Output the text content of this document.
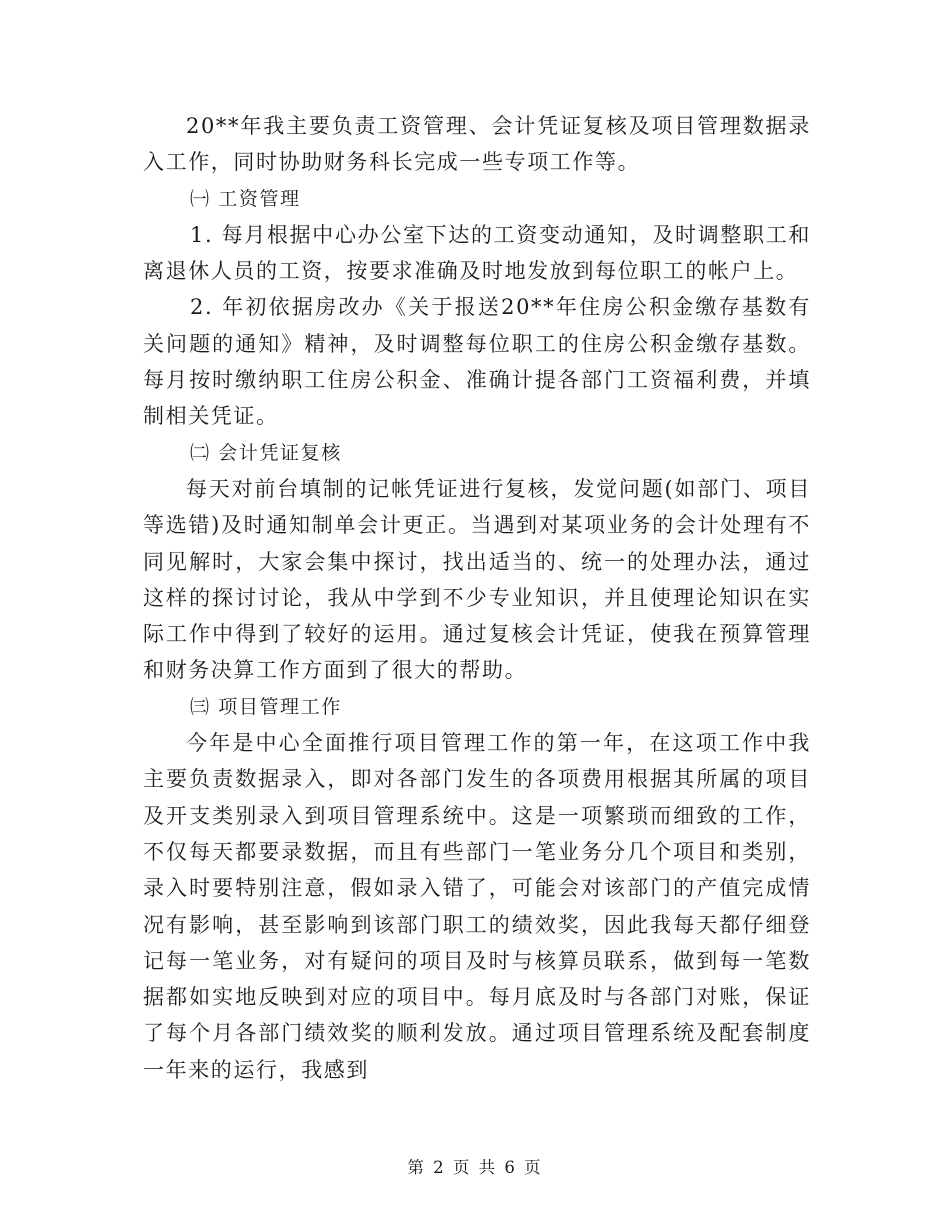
20**年我主要负责工资管理、会计凭证复核及项目管理数据录入工作，同时协助财务科长完成一些专项工作等。

㈠ 工资管理

1. 每月根据中心办公室下达的工资变动通知，及时调整职工和离退休人员的工资，按要求准确及时地发放到每位职工的帐户上。

2. 年初依据房改办《关于报送20**年住房公积金缴存基数有关问题的通知》精神，及时调整每位职工的住房公积金缴存基数。每月按时缴纳职工住房公积金、准确计提各部门工资福利费，并填制相关凭证。

㈡ 会计凭证复核

每天对前台填制的记帐凭证进行复核，发觉问题(如部门、项目等选错)及时通知制单会计更正。当遇到对某项业务的会计处理有不同见解时，大家会集中探讨，找出适当的、统一的处理办法，通过这样的探讨讨论，我从中学到不少专业知识，并且使理论知识在实际工作中得到了较好的运用。通过复核会计凭证，使我在预算管理和财务决算工作方面到了很大的帮助。

㈢ 项目管理工作

今年是中心全面推行项目管理工作的第一年，在这项工作中我主要负责数据录入，即对各部门发生的各项费用根据其所属的项目及开支类别录入到项目管理系统中。这是一项繁琐而细致的工作，不仅每天都要录数据，而且有些部门一笔业务分几个项目和类别，录入时要特别注意，假如录入错了，可能会对该部门的产值完成情况有影响，甚至影响到该部门职工的绩效奖，因此我每天都仔细登记每一笔业务，对有疑问的项目及时与核算员联系，做到每一笔数据都如实地反映到对应的项目中。每月底及时与各部门对账，保证了每个月各部门绩效奖的顺利发放。通过项目管理系统及配套制度一年来的运行，我感到

第 2 页 共 6 页
